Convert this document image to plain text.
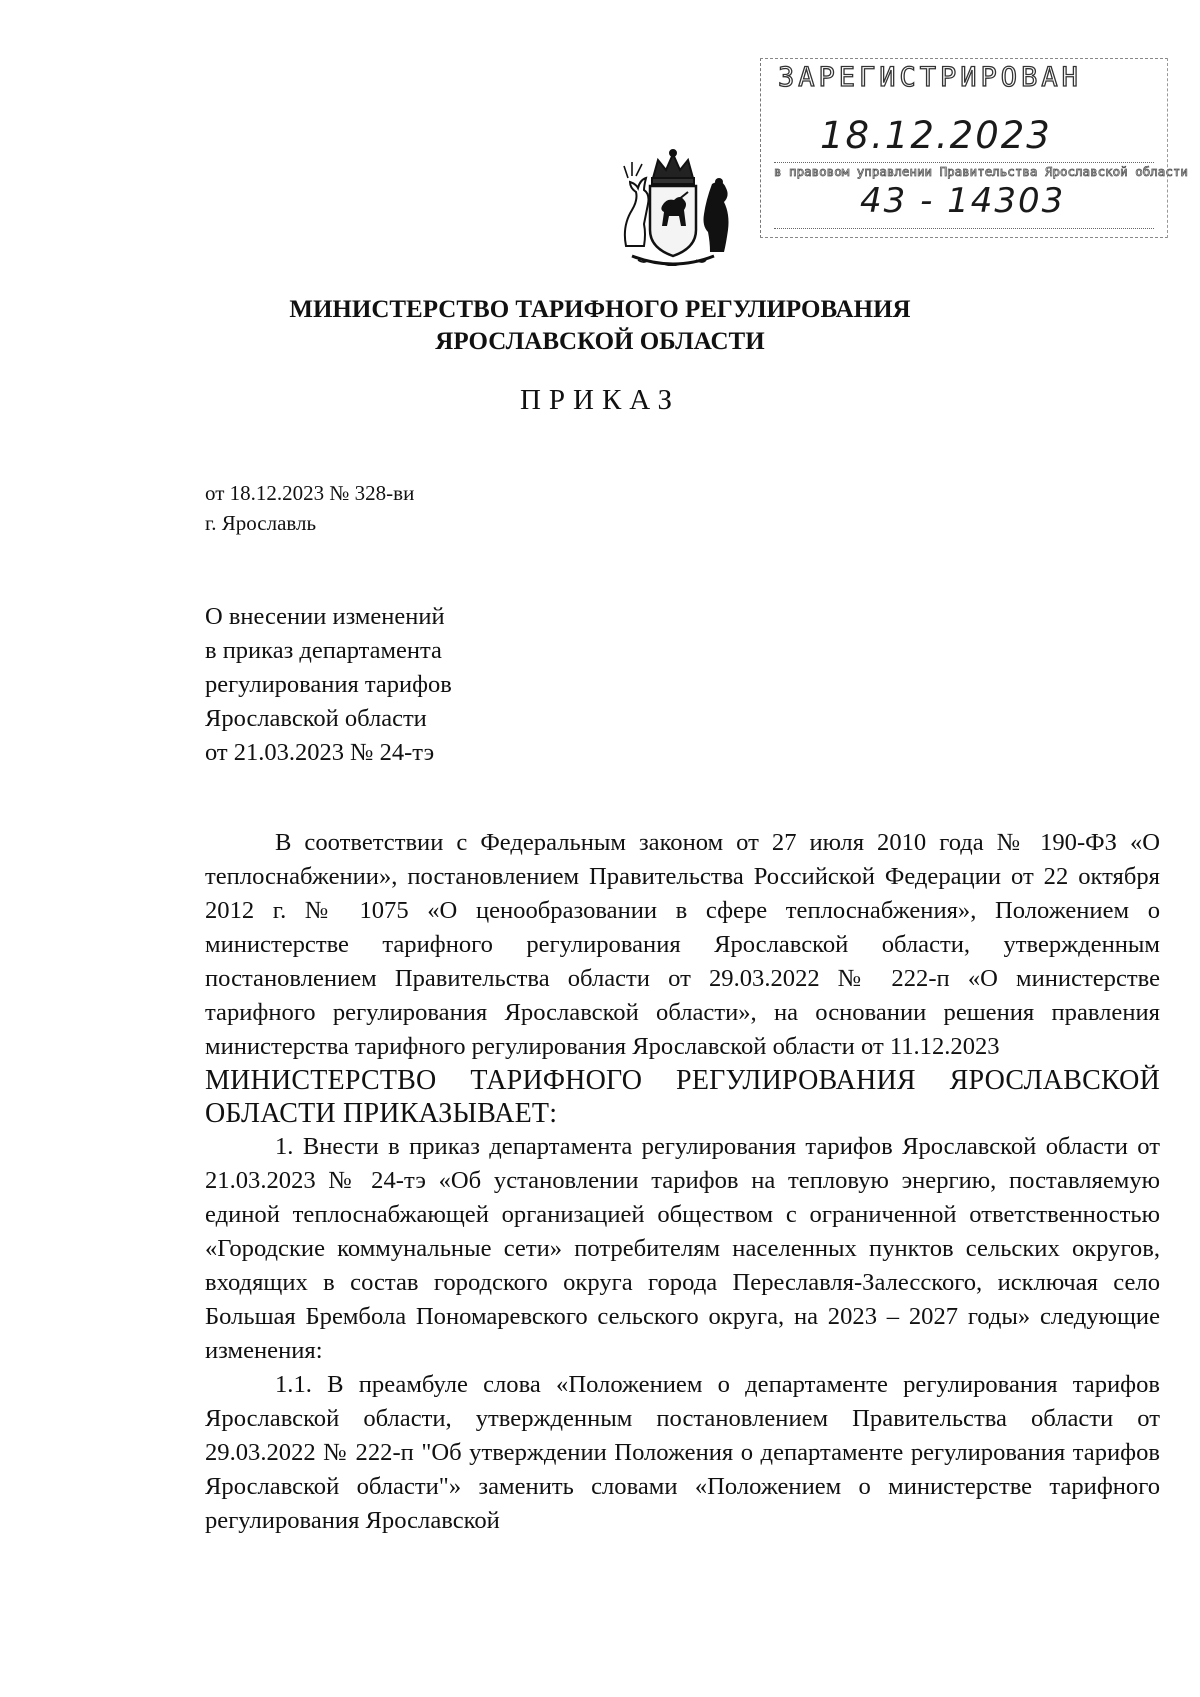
ЗАРЕГИСТРИРОВАН
18.12.2023
в правовом управлении Правительства Ярославской области
43 - 14303
МИНИСТЕРСТВО ТАРИФНОГО РЕГУЛИРОВАНИЯ
ЯРОСЛАВСКОЙ ОБЛАСТИ
ПРИКАЗ
от 18.12.2023 № 328-ви
г. Ярославль
О внесении изменений
в приказ департамента
регулирования тарифов
Ярославской области
от 21.03.2023 № 24-тэ

В соответствии с Федеральным законом от 27 июля 2010 года № 190-ФЗ «О теплоснабжении», постановлением Правительства Российской Федерации от 22 октября 2012 г. № 1075 «О ценообразовании в сфере теплоснабжения», Положением о министерстве тарифного регулирования Ярославской области, утвержденным постановлением Правительства области от 29.03.2022 № 222-п «О министерстве тарифного регулирования Ярославской области», на основании решения правления министерства тарифного регулирования Ярославской области от 11.12.2023

МИНИСТЕРСТВО ТАРИФНОГО РЕГУЛИРОВАНИЯ ЯРОСЛАВСКОЙ ОБЛАСТИ ПРИКАЗЫВАЕТ:

1. Внести в приказ департамента регулирования тарифов Ярославской области от 21.03.2023 № 24-тэ «Об установлении тарифов на тепловую энергию, поставляемую единой теплоснабжающей организацией обществом с ограниченной ответственностью «Городские коммунальные сети» потребителям населенных пунктов сельских округов, входящих в состав городского округа города Переславля-Залесского, исключая село Большая Брембола Пономаревского сельского округа, на 2023 – 2027 годы» следующие изменения:

1.1. В преамбуле слова «Положением о департаменте регулирования тарифов Ярославской области, утвержденным постановлением Правительства области от 29.03.2022 № 222-п "Об утверждении Положения о департаменте регулирования тарифов Ярославской области"» заменить словами «Положением о министерстве тарифного регулирования Ярославской
